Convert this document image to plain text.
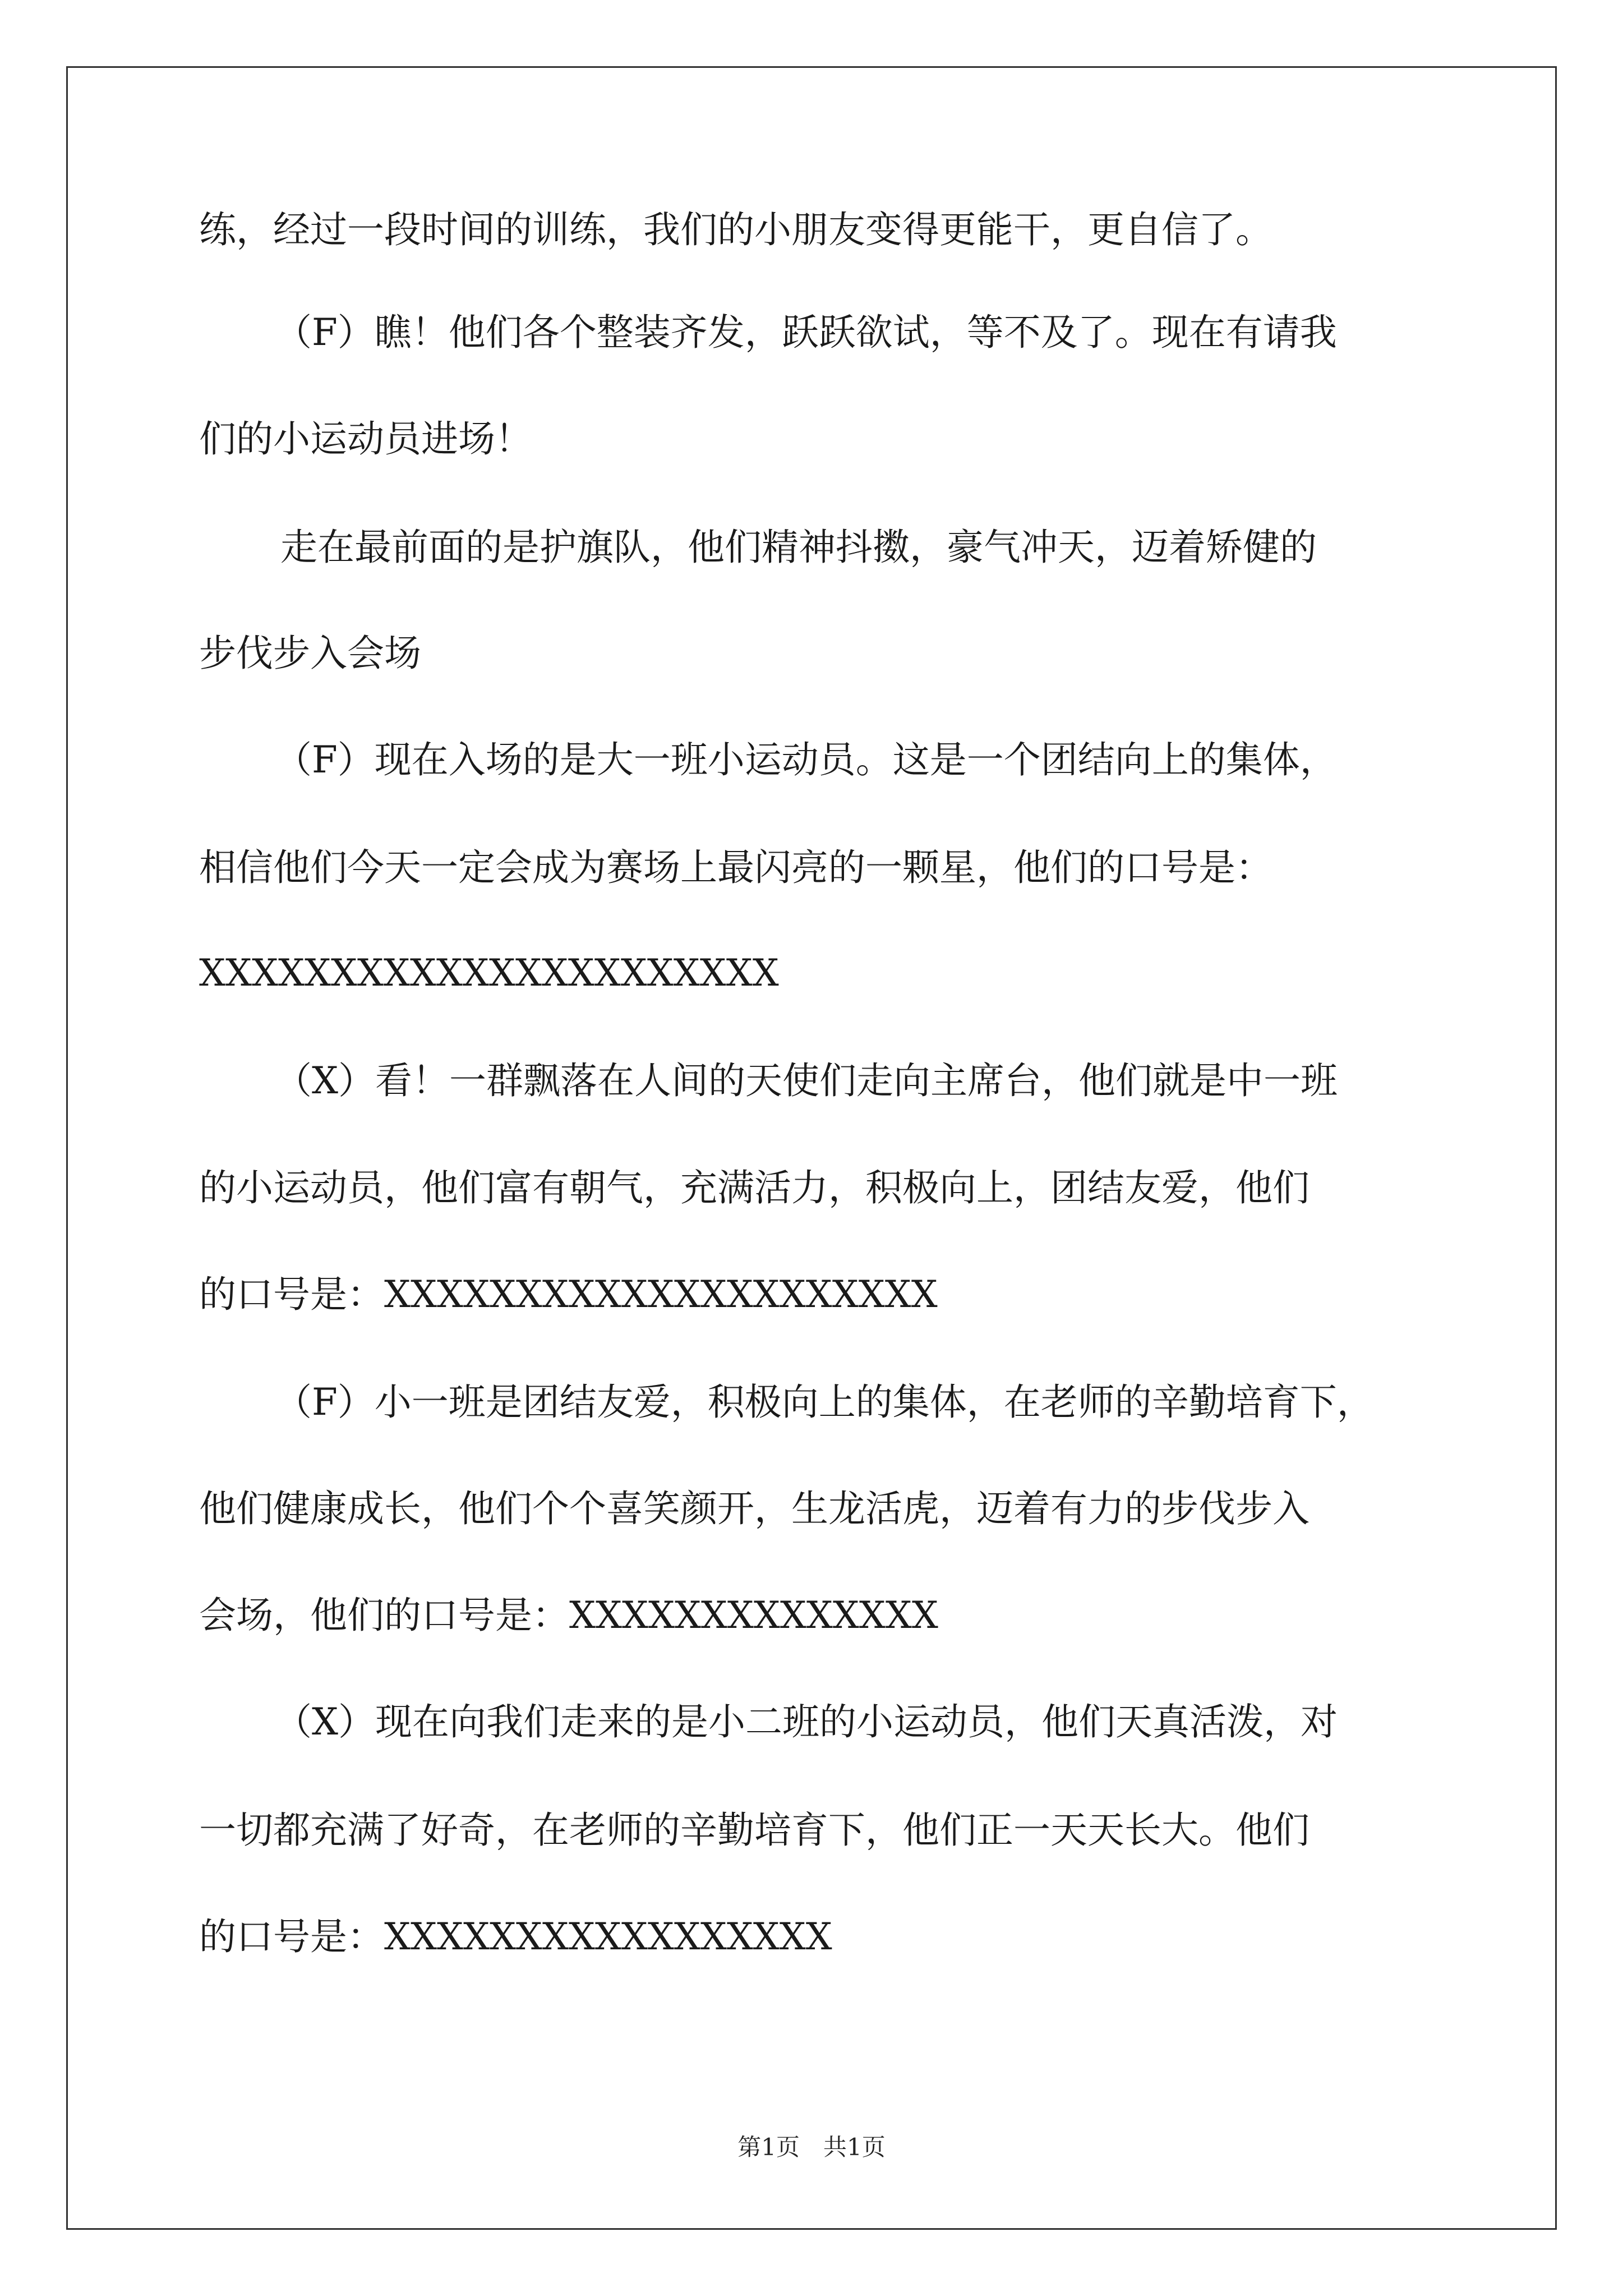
练，经过一段时间的训练，我们的小朋友变得更能干，更自信了。
（F）瞧！他们各个整装齐发，跃跃欲试，等不及了。现在有请我
们的小运动员进场！
走在最前面的是护旗队，他们精神抖擞，豪气冲天，迈着矫健的
步伐步入会场
（F）现在入场的是大一班小运动员。这是一个团结向上的集体，
相信他们今天一定会成为赛场上最闪亮的一颗星，他们的口号是：
XXXXXXXXXXXXXXXXXXXXXX
（X）看！一群飘落在人间的天使们走向主席台，他们就是中一班
的小运动员，他们富有朝气，充满活力，积极向上，团结友爱，他们
的口号是：XXXXXXXXXXXXXXXXXXXXX
（F）小一班是团结友爱，积极向上的集体，在老师的辛勤培育下，
他们健康成长，他们个个喜笑颜开，生龙活虎，迈着有力的步伐步入
会场，他们的口号是：XXXXXXXXXXXXXX
（X）现在向我们走来的是小二班的小运动员，他们天真活泼，对
一切都充满了好奇，在老师的辛勤培育下，他们正一天天长大。他们
的口号是：XXXXXXXXXXXXXXXXX
第1页　共1页
